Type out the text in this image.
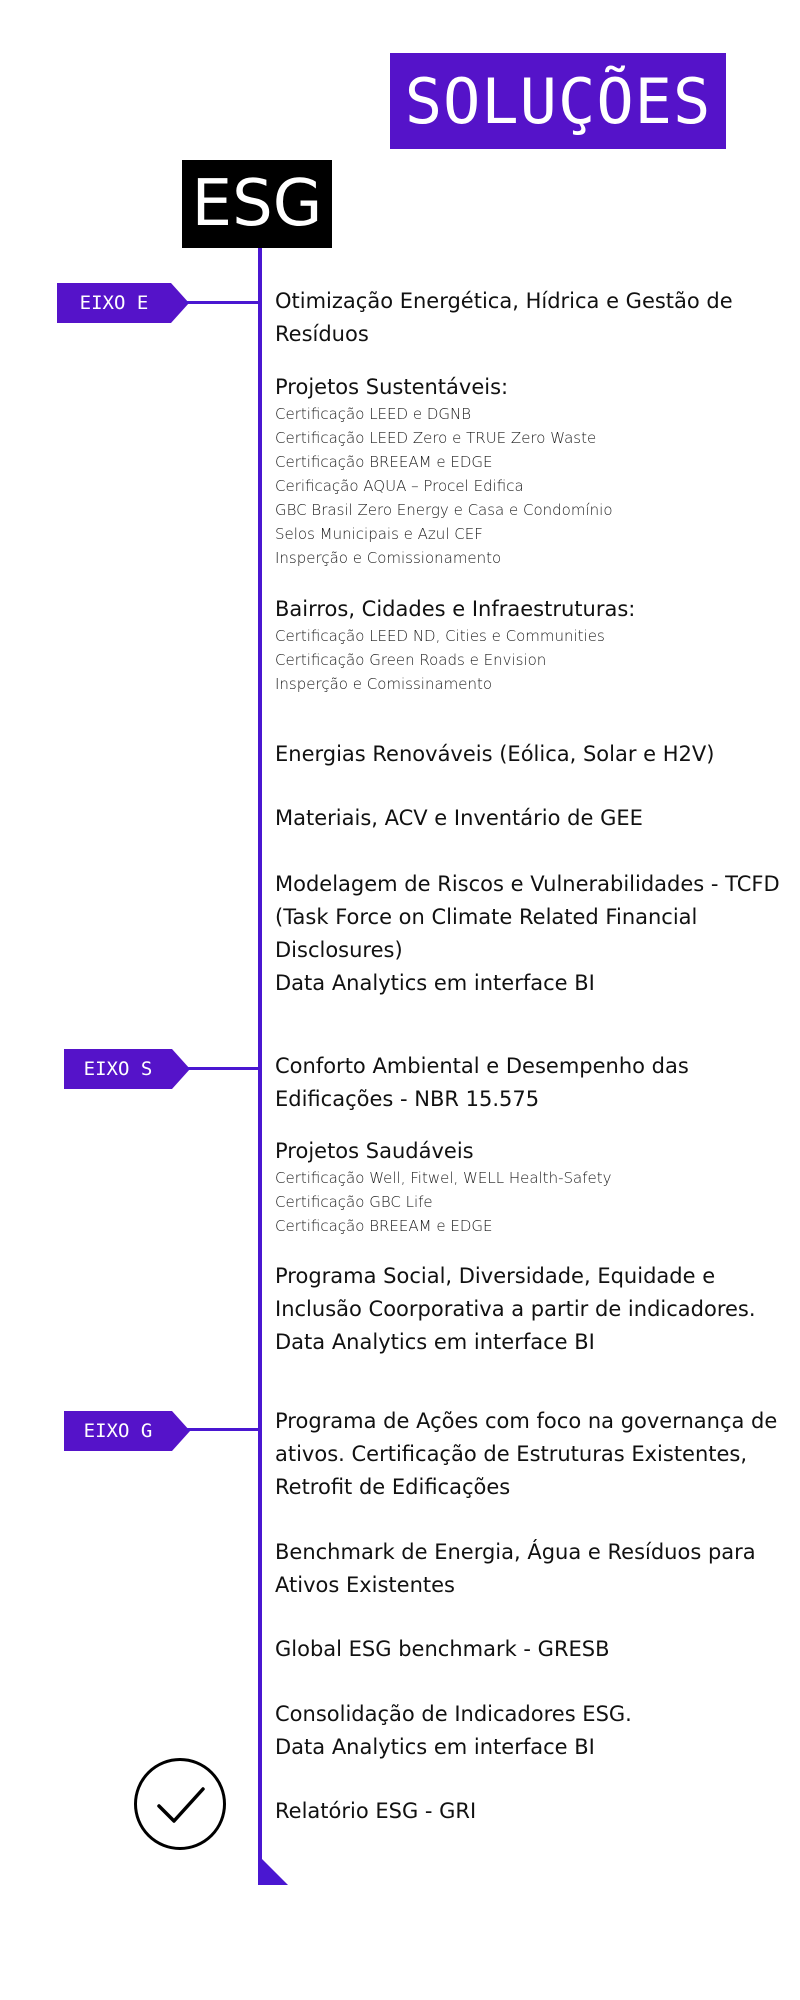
SOLUÇÕES
ESG
EIXO E
EIXO S
EIXO G

Otimização Energética, Hídrica e Gestão de

Resíduos

Projetos Sustentáveis:

Certificação LEED e DGNB

Certificação LEED Zero e TRUE Zero Waste

Certificação BREEAM e EDGE

Cerificação AQUA – Procel Edifica

GBC Brasil Zero Energy e Casa e Condomínio

Selos Municipais e Azul CEF

Insperção e Comissionamento

Bairros, Cidades e Infraestruturas:

Certificação LEED ND, Cities e Communities

Certificação Green Roads e Envision

Insperção e Comissinamento

Energias Renováveis (Eólica, Solar e H2V)

Materiais, ACV e Inventário de GEE

Modelagem de Riscos e Vulnerabilidades - TCFD

(Task Force on Climate Related Financial

Disclosures)

Data Analytics em interface BI

Conforto Ambiental e Desempenho das

Edificações - NBR 15.575

Projetos Saudáveis

Certificação Well, Fitwel, WELL Health-Safety

Certificação GBC Life

Certificação BREEAM e EDGE

Programa Social, Diversidade, Equidade e

Inclusão Coorporativa a partir de indicadores.

Data Analytics em interface BI

Programa de Ações com foco na governança de

ativos. Certificação de Estruturas Existentes,

Retrofit de Edificações

Benchmark de Energia, Água e Resíduos para

Ativos Existentes

Global ESG benchmark - GRESB

Consolidação de Indicadores ESG.

Data Analytics em interface BI

Relatório ESG - GRI
